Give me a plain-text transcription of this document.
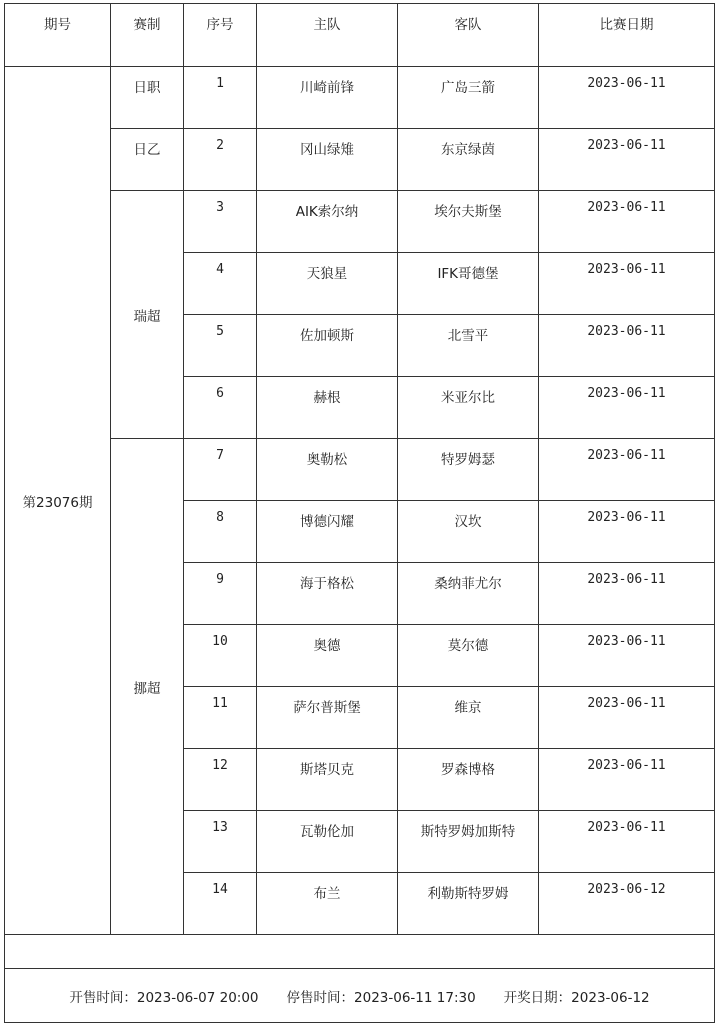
期号	赛制	序号	主队	客队	比赛日期
第23076期	日职	1	川崎前锋	广岛三箭	2023-06-11
	日乙	2	冈山绿雉	东京绿茵	2023-06-11
	瑞超	3	AIK索尔纳	埃尔夫斯堡	2023-06-11
		4	天狼星	IFK哥德堡	2023-06-11
		5	佐加顿斯	北雪平	2023-06-11
		6	赫根	米亚尔比	2023-06-11
	挪超	7	奥勒松	特罗姆瑟	2023-06-11
		8	博德闪耀	汉坎	2023-06-11
		9	海于格松	桑纳菲尤尔	2023-06-11
		10	奥德	莫尔德	2023-06-11
		11	萨尔普斯堡	维京	2023-06-11
		12	斯塔贝克	罗森博格	2023-06-11
		13	瓦勒伦加	斯特罗姆加斯特	2023-06-11
		14	布兰	利勒斯特罗姆	2023-06-12

开售时间：2023-06-07 20:00 停售时间：2023-06-11 17:30 开奖日期：2023-06-12					
